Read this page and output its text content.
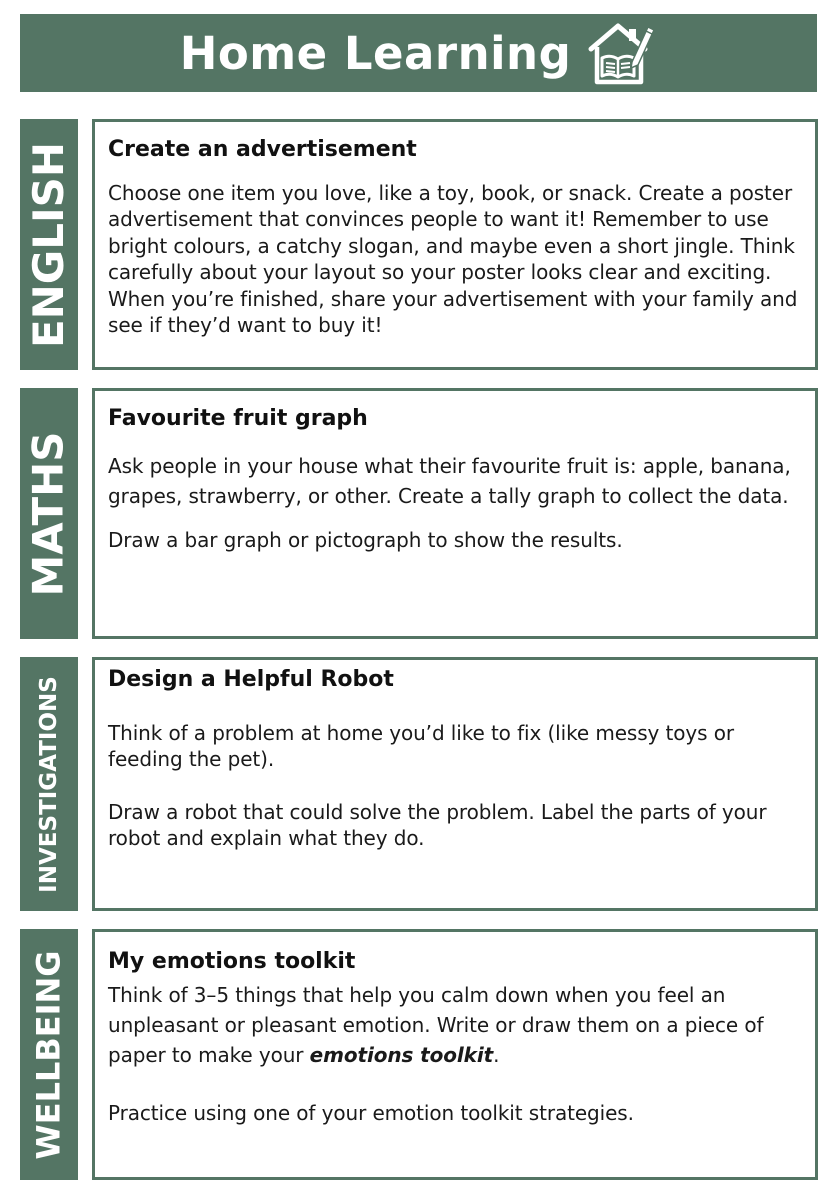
Home Learning
ENGLISH Create an advertisement

Choose one item you love, like a toy, book, or snack. Create a poster advertisement that convinces people to want it! Remember to use bright colours, a catchy slogan, and maybe even a short jingle. Think carefully about your layout so your poster looks clear and exciting. When you’re finished, share your advertisement with your family and see if they’d want to buy it!

MATHS
Favourite fruit graph

Ask people in your house what their favourite fruit is: apple, banana, grapes, strawberry, or other. Create a tally graph to collect the data.

Draw a bar graph or pictograph to show the results.

INVESTIGATIONS Design a Helpful Robot

Think of a problem at home you’d like to fix (like messy toys or feeding the pet).

Draw a robot that could solve the problem. Label the parts of your robot and explain what they do.

WELLBEING My emotions toolkit

Think of 3–5 things that help you calm down when you feel an unpleasant or pleasant emotion. Write or draw them on a piece of paper to make your emotions toolkit.

Practice using one of your emotion toolkit strategies.
